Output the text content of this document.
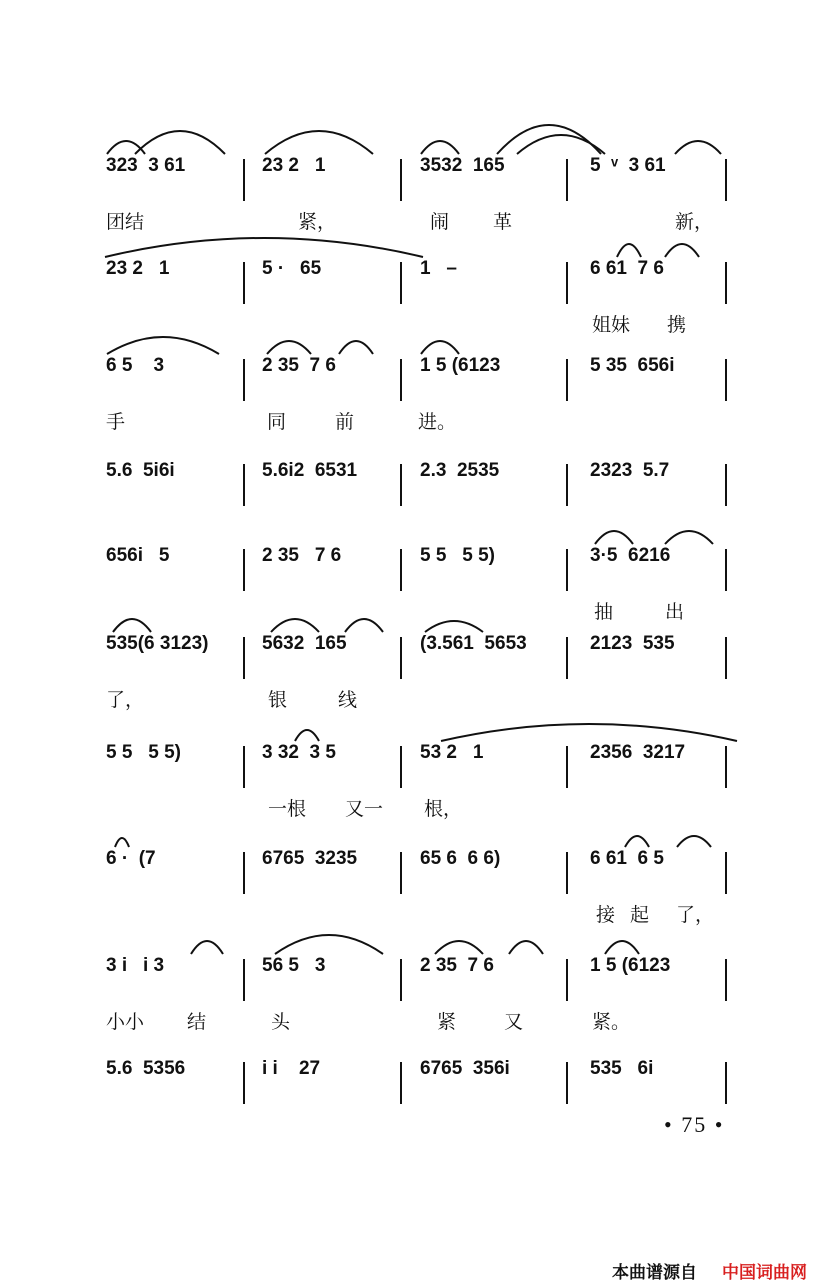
323  3 61	23 2   1	3532  165	5  ᵛ  3 61
团结	紧，	闹 革	新，
23 2   1	5 ·   65	1   –	6 61  7 6
姐妹 携
6 5    3	2 35  7 6	1 5 (6123	5 35  656i
手	同	前	进。
5.6  5i6i	5.6i2  6531	2.3  2535	2323  5.7
656i   5	2 35   7 6	5 5   5 5)	3·5  6216
抽	出
535(6 3123)	5632  165	(3.561  5653	2123  535
了，	银	线
5 5   5 5)	3 32  3 5	53 2   1	2356  3217
一根 又一 根，
6 ·  (7	6765  3235	65 6  6 6)	6 61  6 5
接 起 了，
3 i   i 3	56 5   3	2 35  7 6	1 5 (6123
小小 结	头	紧	又	紧。
5.6  5356	i i    27	6765  356i	535   6i
• 75 •
本曲谱源自 中国词曲网
